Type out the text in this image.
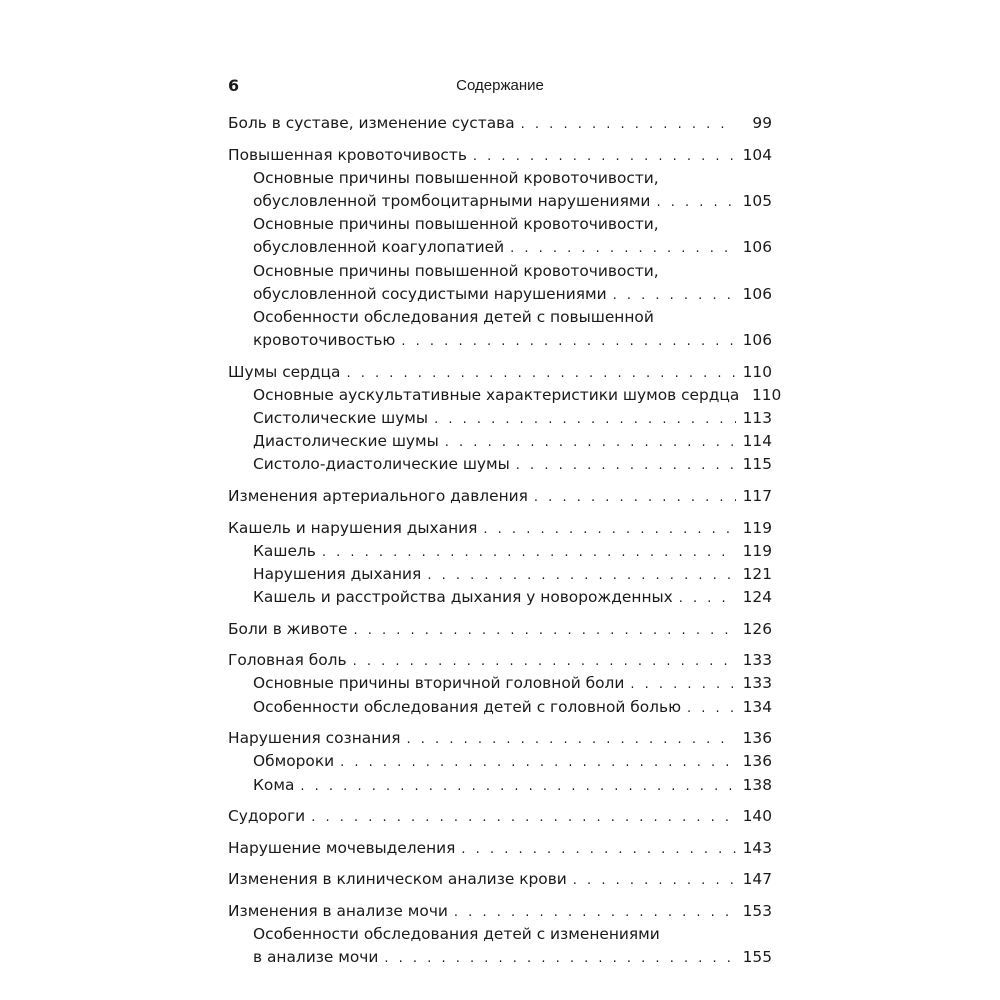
6	Содержание
Боль в суставе, изменение сустава . . .	99
Повышенная кровоточивость . . .	104
Основные причины повышенной кровоточивости,
обусловленной тромбоцитарными нарушениями . . .	105
Основные причины повышенной кровоточивости,
обусловленной коагулопатией . . .	106
Основные причины повышенной кровоточивости,
обусловленной сосудистыми нарушениями . . .	106
Особенности обследования детей с повышенной
кровоточивостью . . .	106
Шумы сердца . . .	110
Основные аускультативные характеристики шумов сердца 110
Систолические шумы . . .	113
Диастолические шумы . . .	114
Систоло-диастолические шумы . . .	115
Изменения артериального давления . . .	117
Кашель и нарушения дыхания . . .	119
Кашель . . .	119
Нарушения дыхания . . .	121
Кашель и расстройства дыхания у новорожденных . . .	124
Боли в животе . . .	126
Головная боль . . .	133
Основные причины вторичной головной боли . . .	133
Особенности обследования детей с головной болью . . .	134
Нарушения сознания . . .	136
Обмороки . . .	136
Кома . . .	138
Судороги . . .	140
Нарушение мочевыделения . . .	143
Изменения в клиническом анализе крови . . .	147
Изменения в анализе мочи . . .	153
Особенности обследования детей с изменениями
в анализе мочи . . .	155
